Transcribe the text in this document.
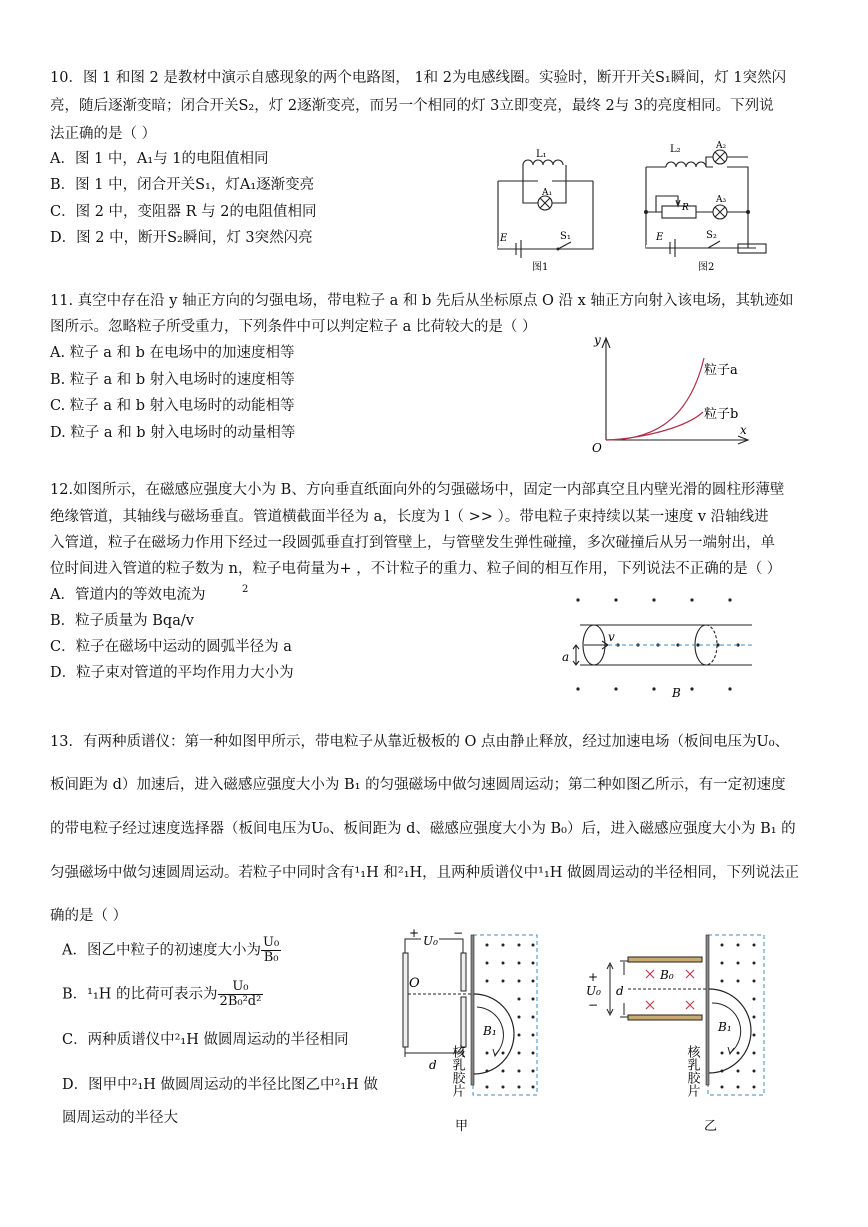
10．图 1 和图 2 是教材中演示自感现象的两个电路图， 1和 2为电感线圈。实验时，断开开关S₁瞬间，灯 1突然闪
亮，随后逐渐变暗；闭合开关S₂，灯 2逐渐变亮，而另一个相同的灯 3立即变亮，最终 2与 3的亮度相同。下列说
法正确的是（ ）
A．图 1 中，A₁与 1的电阻值相同
B．图 1 中，闭合开关S₁，灯A₁逐渐变亮
C．图 2 中，变阻器 R 与 2的电阻值相同
D．图 2 中，断开S₂瞬间，灯 3突然闪亮
L₁
A₁
E	S₁
图1
L₂	A₂
A₃
R
E	S₂
图2
11. 真空中存在沿 y 轴正方向的匀强电场，带电粒子 a 和 b 先后从坐标原点 O 沿 x 轴正方向射入该电场，其轨迹如
图所示。忽略粒子所受重力，下列条件中可以判定粒子 a 比荷较大的是（ ）
A. 粒子 a 和 b 在电场中的加速度相等
B. 粒子 a 和 b 射入电场时的速度相等
C. 粒子 a 和 b 射入电场时的动能相等
D. 粒子 a 和 b 射入电场时的动量相等
y
x
O
粒子a
粒子b
12.如图所示，在磁感应强度大小为 B、方向垂直纸面向外的匀强磁场中，固定一内部真空且内壁光滑的圆柱形薄壁
绝缘管道，其轴线与磁场垂直。管道横截面半径为 a，长度为 l（ >> ）。带电粒子束持续以某一速度 v 沿轴线进
入管道，粒子在磁场力作用下经过一段圆弧垂直打到管壁上，与管壁发生弹性碰撞，多次碰撞后从另一端射出，单
位时间进入管道的粒子数为 n，粒子电荷量为+ ，不计粒子的重力、粒子间的相互作用，下列说法不正确的是（ ）
A．管道内的等效电流为	2
B．粒子质量为 Bqa/v
C．粒子在磁场中运动的圆弧半径为 a
D．粒子束对管道的平均作用力大小为
v
a
B
13．有两种质谱仪：第一种如图甲所示，带电粒子从靠近极板的 O 点由静止释放，经过加速电场（板间电压为U₀、
板间距为 d）加速后，进入磁感应强度大小为 B₁ 的匀强磁场中做匀速圆周运动；第二种如图乙所示，有一定初速度
的带电粒子经过速度选择器（板间电压为U₀、板间距为 d、磁感应强度大小为 B₀）后，进入磁感应强度大小为 B₁ 的
匀强磁场中做匀速圆周运动。若粒子中同时含有¹₁H 和²₁H，且两种质谱仪中¹₁H 做圆周运动的半径相同，下列说法正
确的是（ ）
A．图乙中粒子的初速度大小为 $\frac{\text{U₀}}{\text{B₀}}$
B．¹₁H 的比荷可表示为 $\frac{\text{U₀}}{\text{2B₀²d²}}$
C．两种质谱仪中²₁H 做圆周运动的半径相同
D．图甲中²₁H 做圆周运动的半径比图乙中²₁H 做
圆周运动的半径大
+	−
U₀
O
d
B₁
核乳胶片
甲
+
−
U₀ d
B₀
B₁
核乳胶片
乙
